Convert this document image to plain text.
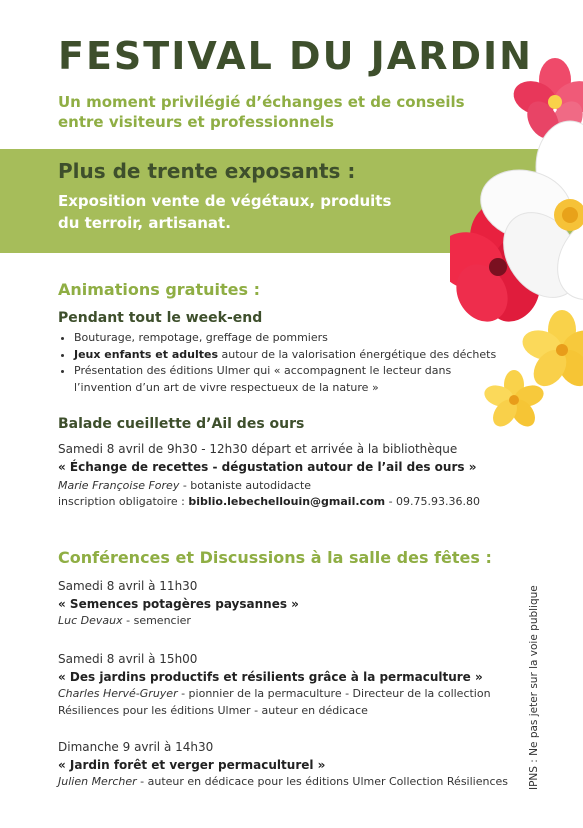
FESTIVAL DU JARDIN
Un moment privilégié d’échanges et de conseils entre visiteurs et professionnels
Plus de trente exposants :
Exposition vente de végétaux, produits du terroir, artisanat.
Animations gratuites :
Pendant tout le week-end
• Bouturage, rempotage, greffage de pommiers
• Jeux enfants et adultes autour de la valorisation énergétique des déchets
• Présentation des éditions Ulmer qui « accompagnent le lecteur dans l’invention d’un art de vivre respectueux de la nature »
Balade cueillette d’Ail des ours
Samedi 8 avril de 9h30 - 12h30 départ et arrivée à la bibliothèque
« Échange de recettes - dégustation autour de l’ail des ours »
Marie Françoise Forey - botaniste autodidacte
inscription obligatoire : biblio.lebechellouin@gmail.com - 09.75.93.36.80
Conférences et Discussions à la salle des fêtes :
Samedi 8 avril à 11h30
« Semences potagères paysannes »
Luc Devaux - semencier
Samedi 8 avril à 15h00
« Des jardins productifs et résilients grâce à la permaculture »
Charles Hervé-Gruyer - pionnier de la permaculture - Directeur de la collection
Résiliences pour les éditions Ulmer - auteur en dédicace
Dimanche 9 avril à 14h30
« Jardin forêt et verger permaculturel »
Julien Mercher - auteur en dédicace pour les éditions Ulmer Collection Résiliences IPNS : Ne pas jeter sur la voie publique
